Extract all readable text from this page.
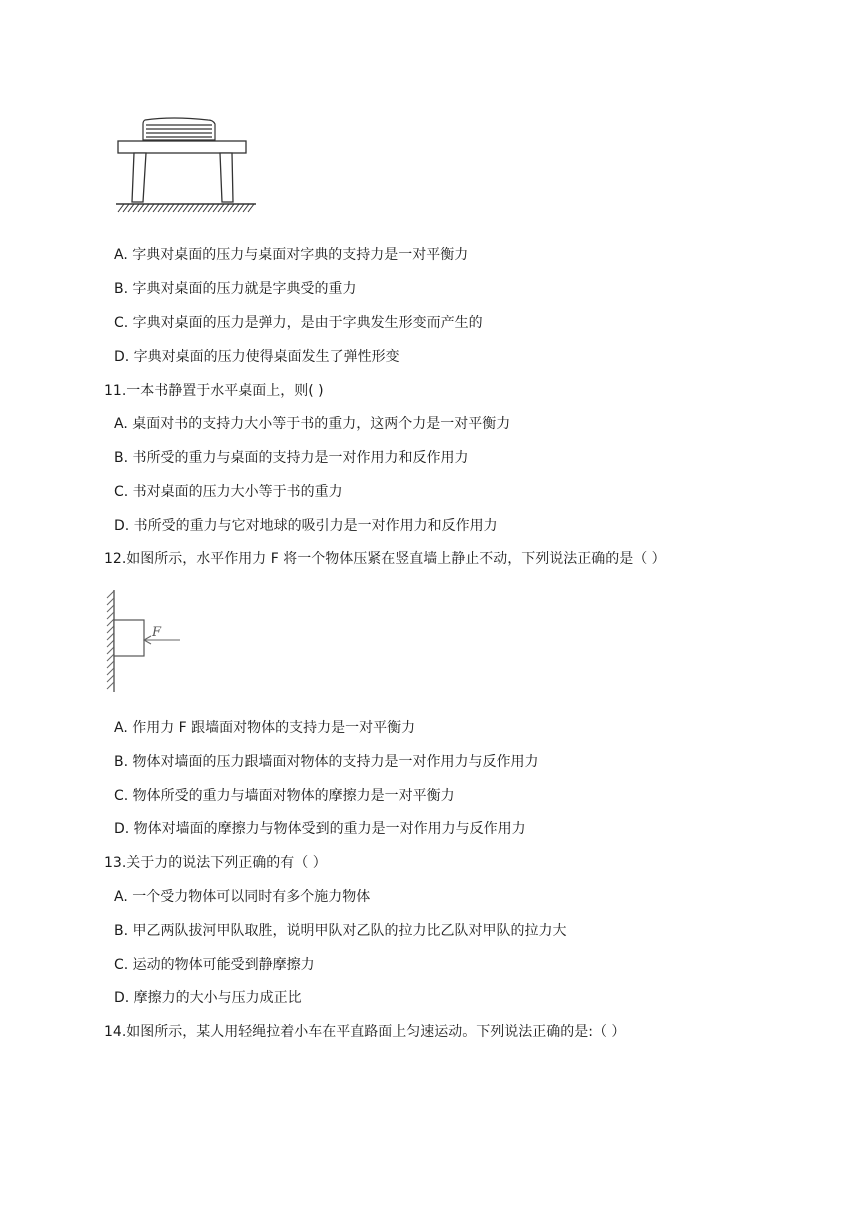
A. 字典对桌面的压力与桌面对字典的支持力是一对平衡力
B. 字典对桌面的压力就是字典受的重力
C. 字典对桌面的压力是弹力，是由于字典发生形变而产生的
D. 字典对桌面的压力使得桌面发生了弹性形变
11.一本书静置于水平桌面上，则( )
A. 桌面对书的支持力大小等于书的重力，这两个力是一对平衡力
B. 书所受的重力与桌面的支持力是一对作用力和反作用力
C. 书对桌面的压力大小等于书的重力
D. 书所受的重力与它对地球的吸引力是一对作用力和反作用力
12.如图所示，水平作用力 F 将一个物体压紧在竖直墙上静止不动，下列说法正确的是（ ）
F
A. 作用力 F 跟墙面对物体的支持力是一对平衡力
B. 物体对墙面的压力跟墙面对物体的支持力是一对作用力与反作用力
C. 物体所受的重力与墙面对物体的摩擦力是一对平衡力
D. 物体对墙面的摩擦力与物体受到的重力是一对作用力与反作用力
13.关于力的说法下列正确的有（ ）
A. 一个受力物体可以同时有多个施力物体
B. 甲乙两队拔河甲队取胜，说明甲队对乙队的拉力比乙队对甲队的拉力大
C. 运动的物体可能受到静摩擦力
D. 摩擦力的大小与压力成正比
14.如图所示，某人用轻绳拉着小车在平直路面上匀速运动。下列说法正确的是:（ ）
